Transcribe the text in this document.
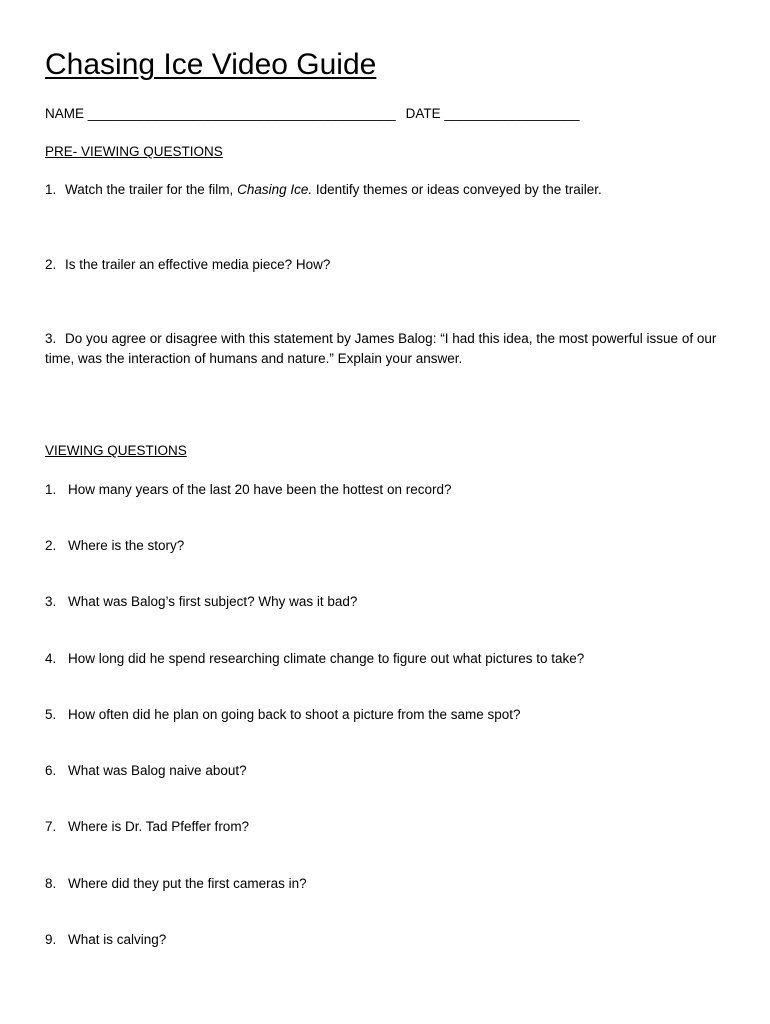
Chasing Ice Video Guide
NAME _________________________________________ DATE __________________
PRE- VIEWING QUESTIONS
1. Watch the trailer for the film, Chasing Ice. Identify themes or ideas conveyed by the trailer.
2. Is the trailer an effective media piece? How?
3. Do you agree or disagree with this statement by James Balog: “I had this idea, the most powerful issue of our time, was the interaction of humans and nature.” Explain your answer.
VIEWING QUESTIONS
1. How many years of the last 20 have been the hottest on record?
2. Where is the story?
3. What was Balog’s first subject? Why was it bad?
4. How long did he spend researching climate change to figure out what pictures to take?
5. How often did he plan on going back to shoot a picture from the same spot?
6. What was Balog naive about?
7. Where is Dr. Tad Pfeffer from?
8. Where did they put the first cameras in?
9. What is calving?
